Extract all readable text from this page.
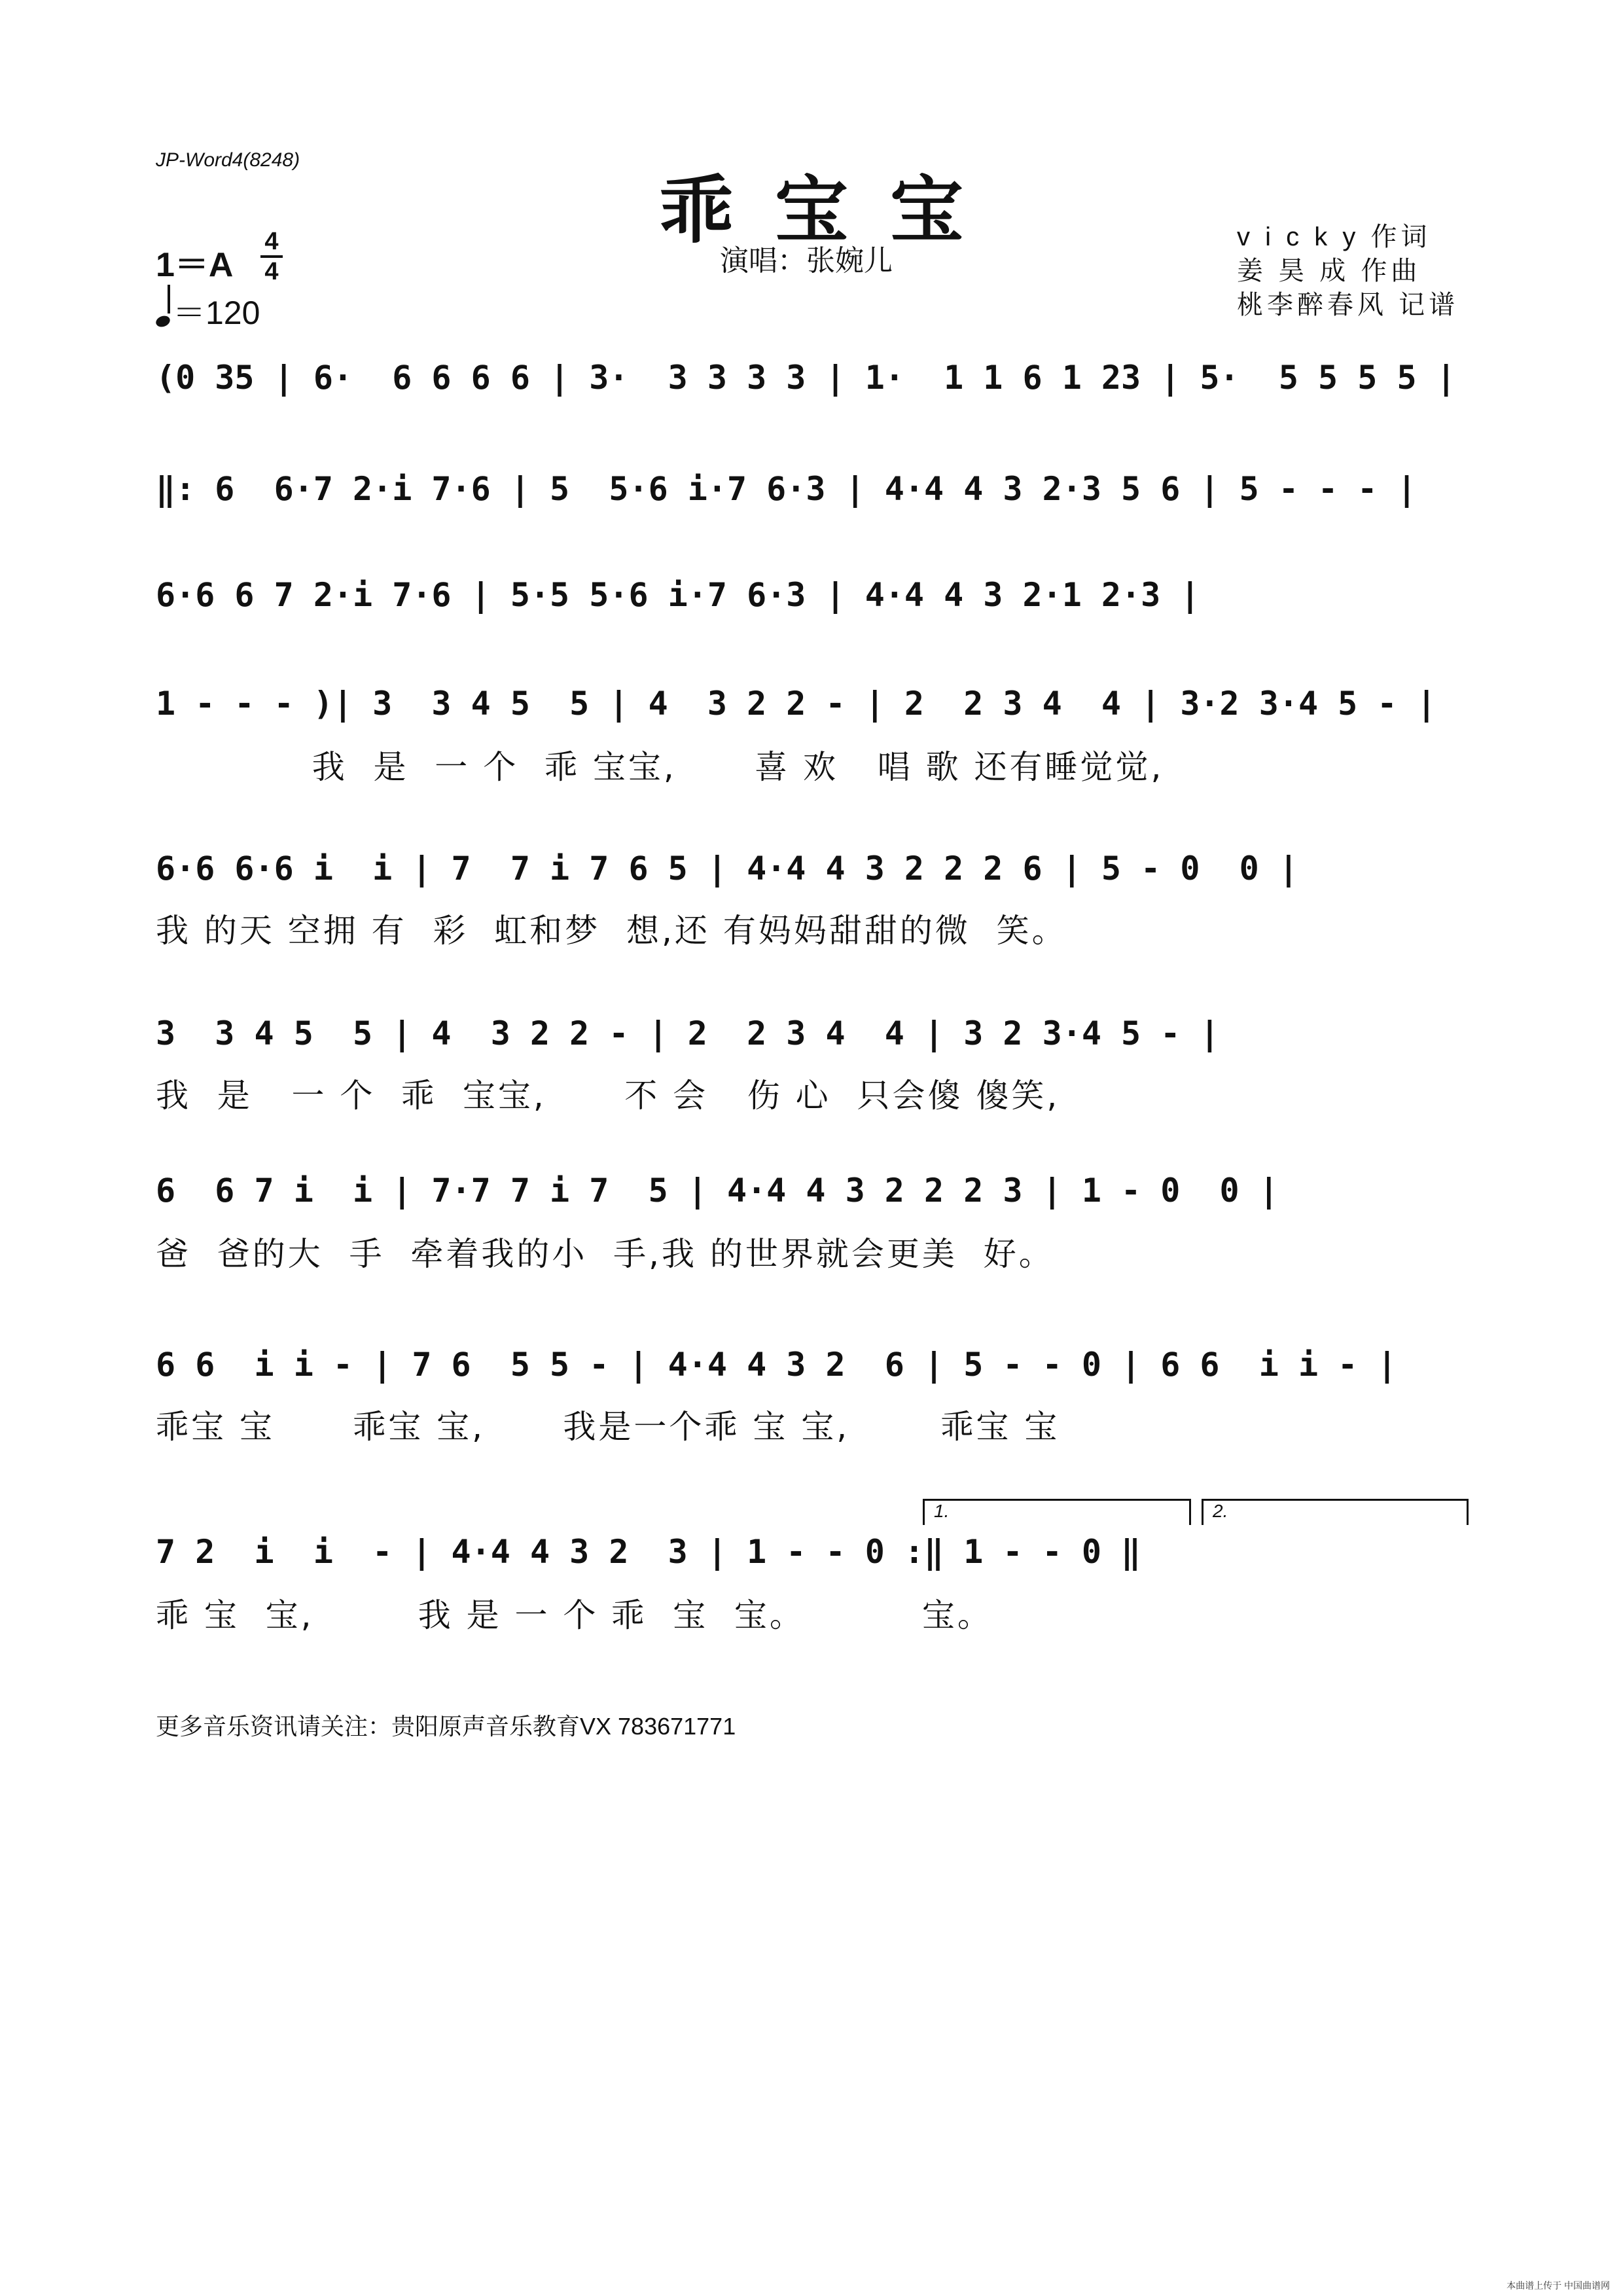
JP-Word4(8248)
乖宝宝
演唱：张婉儿
1＝A
4
4
＝120
v i c k y 作词
姜 昊 成 作曲
桃李醉春风 记谱
(0 35 | 6·  6 6 6 6 | 3·  3 3 3 3 | 1·  1 1 6 1 23 | 5·  5 5 5 5 |
‖: 6  6·7 2·i 7·6 | 5  5·6 i·7 6·3 | 4·4 4 3 2·3 5 6 | 5 - - - |
6·6 6 7 2·i 7·6 | 5·5 5·6 i·7 6·3 | 4·4 4 3 2·1 2·3 |
1 - - - )| 3  3 4 5  5 | 4  3 2 2 - | 2  2 3 4  4 | 3·2 3·4 5 - |
我  是  一 个  乖 宝宝,      喜 欢   唱 歌 还有睡觉觉,
6·6 6·6 i  i | 7  7 i 7 6 5 | 4·4 4 3 2 2 2 6 | 5 - 0  0 |
我 的天 空拥 有  彩  虹和梦  想,还 有妈妈甜甜的微  笑。
3  3 4 5  5 | 4  3 2 2 - | 2  2 3 4  4 | 3 2 3·4 5 - |
我  是   一 个  乖  宝宝,      不 会   伤 心  只会傻 傻笑,
6  6 7 i  i | 7·7 7 i 7  5 | 4·4 4 3 2 2 2 3 | 1 - 0  0 |
爸  爸的大  手  牵着我的小  手,我 的世界就会更美  好。
6 6  i i - | 7 6  5 5 - | 4·4 4 3 2  6 | 5 - - 0 | 6 6  i i - |
乖宝 宝      乖宝 宝,      我是一个乖 宝 宝,       乖宝 宝
1.	2.
7 2  i  i  - | 4·4 4 3 2  3 | 1 - - 0 :‖ 1 - - 0 ‖
乖 宝  宝,        我 是 一 个 乖  宝  宝。         宝。
更多音乐资讯请关注：贵阳原声音乐教育VX 783671771
本曲谱上传于 中国曲谱网
